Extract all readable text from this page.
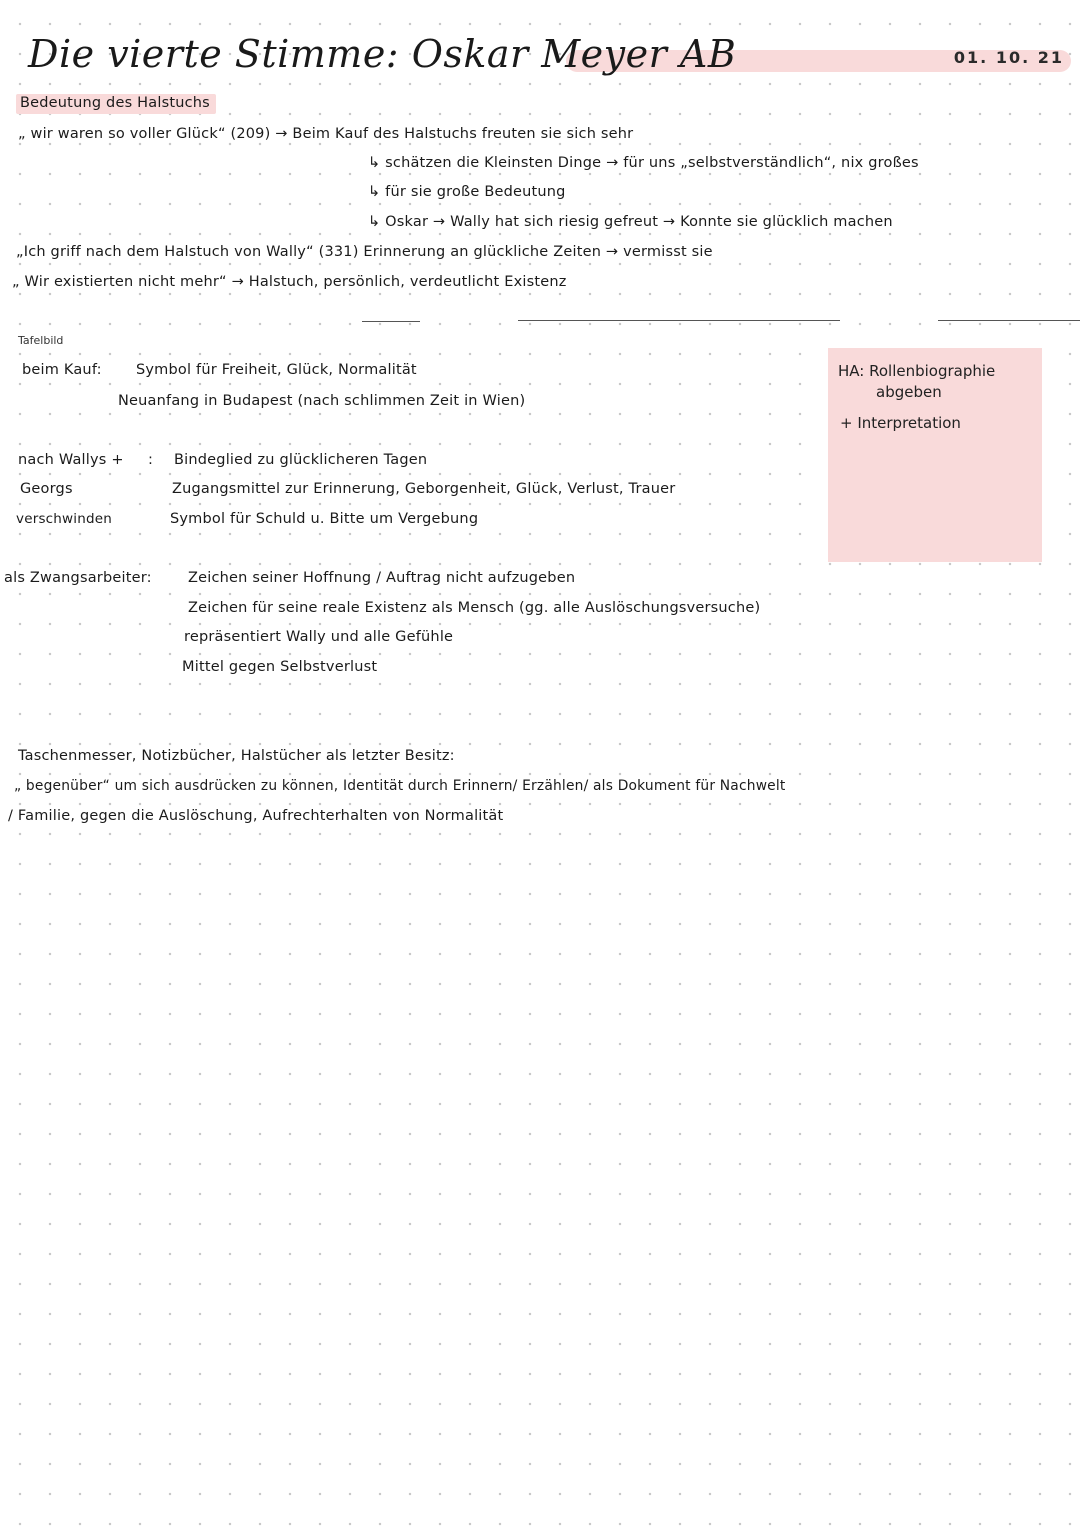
Die vierte Stimme: Oskar Meyer AB	01. 10. 21
Bedeutung des Halstuchs
„ wir waren so voller Glück“ (209) → Beim Kauf des Halstuchs freuten sie sich sehr
↳ schätzen die Kleinsten Dinge → für uns „selbstverständlich“, nix großes
↳ für sie große Bedeutung
↳ Oskar → Wally hat sich riesig gefreut → Konnte sie glücklich machen
„Ich griff nach dem Halstuch von Wally“ (331) Erinnerung an glückliche Zeiten → vermisst sie
„ Wir existierten nicht mehr“ → Halstuch, persönlich, verdeutlicht Existenz
Tafelbild
beim Kauf: Symbol für Freiheit, Glück, Normalität
Neuanfang in Budapest (nach schlimmen Zeit in Wien)
nach Wallys + :
Georgs
verschwinden
Bindeglied zu glücklicheren Tagen
Zugangsmittel zur Erinnerung, Geborgenheit, Glück, Verlust, Trauer
Symbol für Schuld u. Bitte um Vergebung
als Zwangsarbeiter:	Zeichen seiner Hoffnung / Auftrag nicht aufzugeben
Zeichen für seine reale Existenz als Mensch (gg. alle Auslöschungsversuche)
repräsentiert Wally und alle Gefühle
Mittel gegen Selbstverlust
HA: Rollenbiographie
abgeben
+ Interpretation
Taschenmesser, Notizbücher, Halstücher als letzter Besitz:
„ begenüber“ um sich ausdrücken zu können, Identität durch Erinnern/ Erzählen/ als Dokument für Nachwelt
/ Familie, gegen die Auslöschung, Aufrechterhalten von Normalität
